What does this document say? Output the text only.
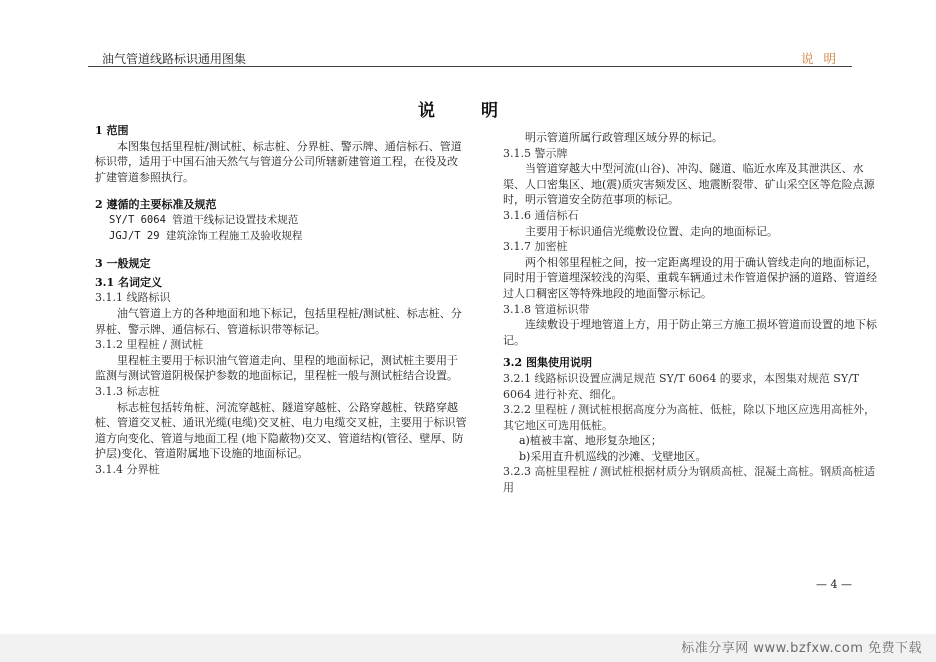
油气管道线路标识通用图集	说明
说 明

1 范围

本图集包括里程桩/测试桩、标志桩、分界桩、警示牌、通信标石、管道标识带，适用于中国石油天然气与管道分公司所辖新建管道工程，在役及改扩建管道参照执行。

2 遵循的主要标准及规范

SY/T 6064 管道干线标记设置技术规范

JGJ/T 29 建筑涂饰工程施工及验收规程

3 一般规定

3.1 名词定义

3.1.1 线路标识

油气管道上方的各种地面和地下标记，包括里程桩/测试桩、标志桩、分界桩、警示牌、通信标石、管道标识带等标记。

3.1.2 里程桩 / 测试桩

里程桩主要用于标识油气管道走向、里程的地面标记，测试桩主要用于监测与测试管道阴极保护参数的地面标记，里程桩一般与测试桩结合设置。

3.1.3 标志桩

标志桩包括转角桩、河流穿越桩、隧道穿越桩、公路穿越桩、铁路穿越桩、管道交叉桩、通讯光缆(电缆)交叉桩、电力电缆交叉桩，主要用于标识管道方向变化、管道与地面工程 (地下隐蔽物)交叉、管道结构(管径、壁厚、防护层)变化、管道附属地下设施的地面标记。

3.1.4 分界桩

明示管道所属行政管理区域分界的标记。

3.1.5 警示牌

当管道穿越大中型河流(山谷)、冲沟、隧道、临近水库及其泄洪区、水渠、人口密集区、地(震)质灾害频发区、地震断裂带、矿山采空区等危险点源时，明示管道安全防范事项的标记。

3.1.6 通信标石

主要用于标识通信光缆敷设位置、走向的地面标记。

3.1.7 加密桩

两个相邻里程桩之间，按一定距离埋设的用于确认管线走向的地面标记，同时用于管道埋深较浅的沟渠、重载车辆通过未作管道保护涵的道路、管道经过人口稠密区等特殊地段的地面警示标记。

3.1.8 管道标识带

连续敷设于埋地管道上方，用于防止第三方施工损坏管道而设置的地下标记。

3.2 图集使用说明

3.2.1 线路标识设置应满足规范 SY/T 6064 的要求，本图集对规范 SY/T 6064 进行补充、细化。

3.2.2 里程桩 / 测试桩根据高度分为高桩、低桩，除以下地区应选用高桩外，其它地区可选用低桩。

a)植被丰富、地形复杂地区；

b)采用直升机巡线的沙滩、戈壁地区。

3.2.3 高桩里程桩 / 测试桩根据材质分为钢质高桩、混凝土高桩。钢质高桩适用

— 4 —
标准分享网 www.bzfxw.com 免费下载
